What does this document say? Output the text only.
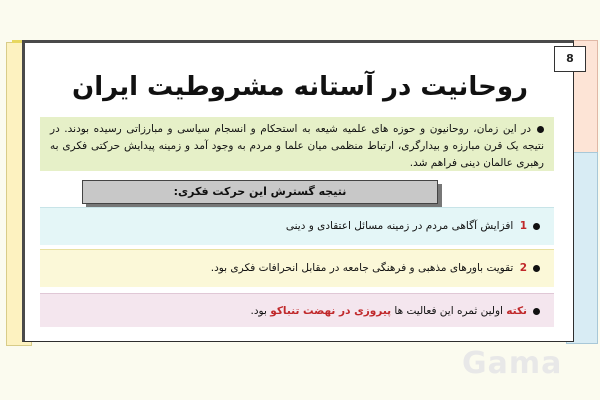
8
روحانیت در آستانه مشروطیت ایران
در این زمان، روحانیون و حوزه های علمیه شیعه به استحکام و انسجام سیاسی و مبارزاتی رسیده بودند. در نتیجه یک قرن مبارزه و بیدارگری، ارتباط منظمی میان علما و مردم به وجود آمد و زمینه پیدایش حرکتی فکری به رهبری عالمان دینی فراهم شد.
نتیجه گسترش این حرکت فکری:
1 افزایش آگاهی مردم در زمینه مسائل اعتقادی و دینی
2 تقویت باورهای مذهبی و فرهنگی جامعه در مقابل انحرافات فکری بود.
نکته اولین ثمره این فعالیت ها پیروزی در نهضت تنباکو بود.
Gama
